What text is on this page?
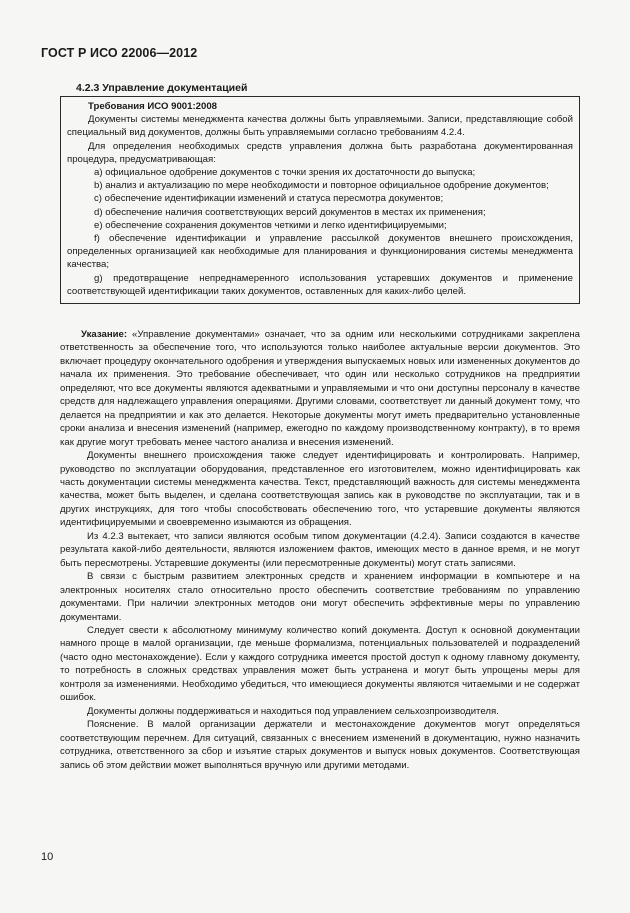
ГОСТ Р ИСО 22006—2012
4.2.3 Управление документацией

Требования ИСО 9001:2008

Документы системы менеджмента качества должны быть управляемыми. Записи, представляющие собой специальный вид документов, должны быть управляемыми согласно требованиям 4.2.4.

Для определения необходимых средств управления должна быть разработана документированная процедура, предусматривающая:

а) официальное одобрение документов с точки зрения их достаточности до выпуска;

b) анализ и актуализацию по мере необходимости и повторное официальное одобрение документов;

c) обеспечение идентификации изменений и статуса пересмотра документов;

d) обеспечение наличия соответствующих версий документов в местах их применения;

e) обеспечение сохранения документов четкими и легко идентифицируемыми;

f) обеспечение идентификации и управление рассылкой документов внешнего происхождения, определенных организацией как необходимые для планирования и функционирования системы менеджмента качества;

g) предотвращение непреднамеренного использования устаревших документов и применение соответствующей идентификации таких документов, оставленных для каких-либо целей.

Указание: «Управление документами» означает, что за одним или несколькими сотрудниками закреплена ответственность за обеспечение того, что используются только наиболее актуальные версии документов. Это включает процедуру окончательного одобрения и утверждения выпускаемых новых или измененных документов до начала их применения. Это требование обеспечивает, что один или несколько сотрудников на предприятии определяют, что все документы являются адекватными и управляемыми и что они доступны персоналу в качестве средств для надлежащего управления операциями. Другими словами, соответствует ли данный документ тому, что делается на предприятии и как это делается. Некоторые документы могут иметь предварительно установленные сроки анализа и внесения изменений (например, ежегодно по каждому производственному контракту), в то время как другие могут требовать менее частого анализа и внесения изменений.

Документы внешнего происхождения также следует идентифицировать и контролировать. Например, руководство по эксплуатации оборудования, представленное его изготовителем, можно идентифицировать как часть документации системы менеджмента качества. Текст, представляющий важность для системы менеджмента качества, может быть выделен, и сделана соответствующая запись как в руководстве по эксплуатации, так и в других инструкциях, для того чтобы способствовать обеспечению того, что устаревшие документы являются идентифицируемыми и своевременно изымаются из обращения.

Из 4.2.3 вытекает, что записи являются особым типом документации (4.2.4). Записи создаются в качестве результата какой-либо деятельности, являются изложением фактов, имеющих место в данное время, и не могут быть пересмотрены. Устаревшие документы (или пересмотренные документы) могут стать записями.

В связи с быстрым развитием электронных средств и хранением информации в компьютере и на электронных носителях стало относительно просто обеспечить соответствие требованиям по управлению документами. При наличии электронных методов они могут обеспечить эффективные меры по управлению документами.

Следует свести к абсолютному минимуму количество копий документа. Доступ к основной документации намного проще в малой организации, где меньше формализма, потенциальных пользователей и подразделений (часто одно местонахождение). Если у каждого сотрудника имеется простой доступ к одному главному документу, то потребность в сложных средствах управления может быть устранена и могут быть упрощены меры для контроля за изменениями. Необходимо убедиться, что имеющиеся документы являются читаемыми и не содержат ошибок.

Документы должны поддерживаться и находиться под управлением сельхозпроизводителя.

Пояснение. В малой организации держатели и местонахождение документов могут определяться соответствующим перечнем. Для ситуаций, связанных с внесением изменений в документацию, нужно назначить сотрудника, ответственного за сбор и изъятие старых документов и выпуск новых документов. Соответствующая запись об этом действии может выполняться вручную или другими методами.

10
